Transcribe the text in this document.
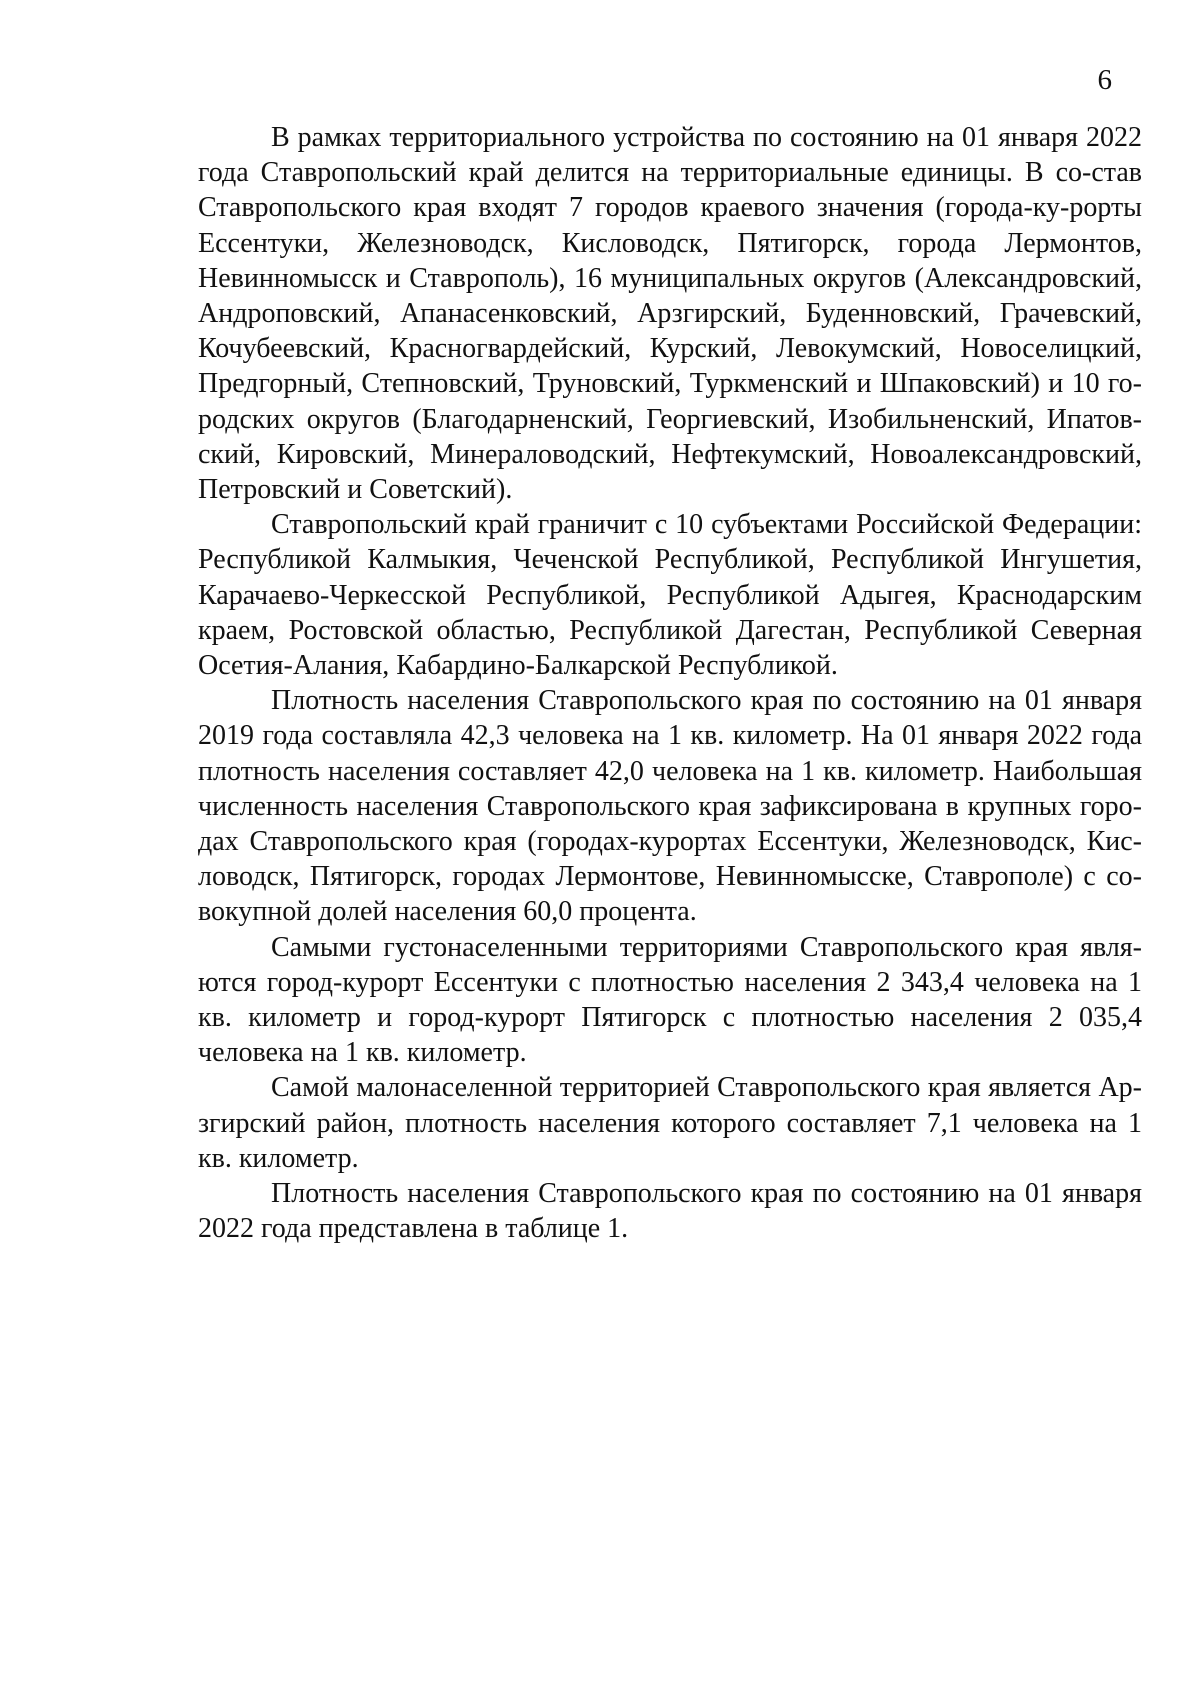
6

В рамках территориального устройства по состоянию на 01 января 2022 года Ставропольский край делится на территориальные единицы. В со-став Ставропольского края входят 7 городов краевого значения (города-ку-рорты Ессентуки, Железноводск, Кисловодск, Пятигорск, города Лермонтов, Невинномысск и Ставрополь), 16 муниципальных округов (Александровский, Андроповский, Апанасенковский, Арзгирский, Буденновский, Грачевский, Кочубеевский, Красногвардейский, Курский, Левокумский, Новоселицкий, Предгорный, Степновский, Труновский, Туркменский и Шпаковский) и 10 го-родских округов (Благодарненский, Георгиевский, Изобильненский, Ипатов-ский, Кировский, Минераловодский, Нефтекумский, Новоалександровский, Петровский и Советский).

Ставропольский край граничит с 10 субъектами Российской Федерации: Республикой Калмыкия, Чеченской Республикой, Республикой Ингушетия, Карачаево-Черкесской Республикой, Республикой Адыгея, Краснодарским краем, Ростовской областью, Республикой Дагестан, Республикой Северная Осетия-Алания, Кабардино-Балкарской Республикой.

Плотность населения Ставропольского края по состоянию на 01 января 2019 года составляла 42,3 человека на 1 кв. километр. На 01 января 2022 года плотность населения составляет 42,0 человека на 1 кв. километр. Наибольшая численность населения Ставропольского края зафиксирована в крупных горо-дах Ставропольского края (городах-курортах Ессентуки, Железноводск, Кис-ловодск, Пятигорск, городах Лермонтове, Невинномысске, Ставрополе) с со-вокупной долей населения 60,0 процента.

Самыми густонаселенными территориями Ставропольского края явля-ются город-курорт Ессентуки с плотностью населения 2 343,4 человека на 1 кв. километр и город-курорт Пятигорск с плотностью населения 2 035,4 человека на 1 кв. километр.

Самой малонаселенной территорией Ставропольского края является Ар-згирский район, плотность населения которого составляет 7,1 человека на 1 кв. километр.

Плотность населения Ставропольского края по состоянию на 01 января 2022 года представлена в таблице 1.
